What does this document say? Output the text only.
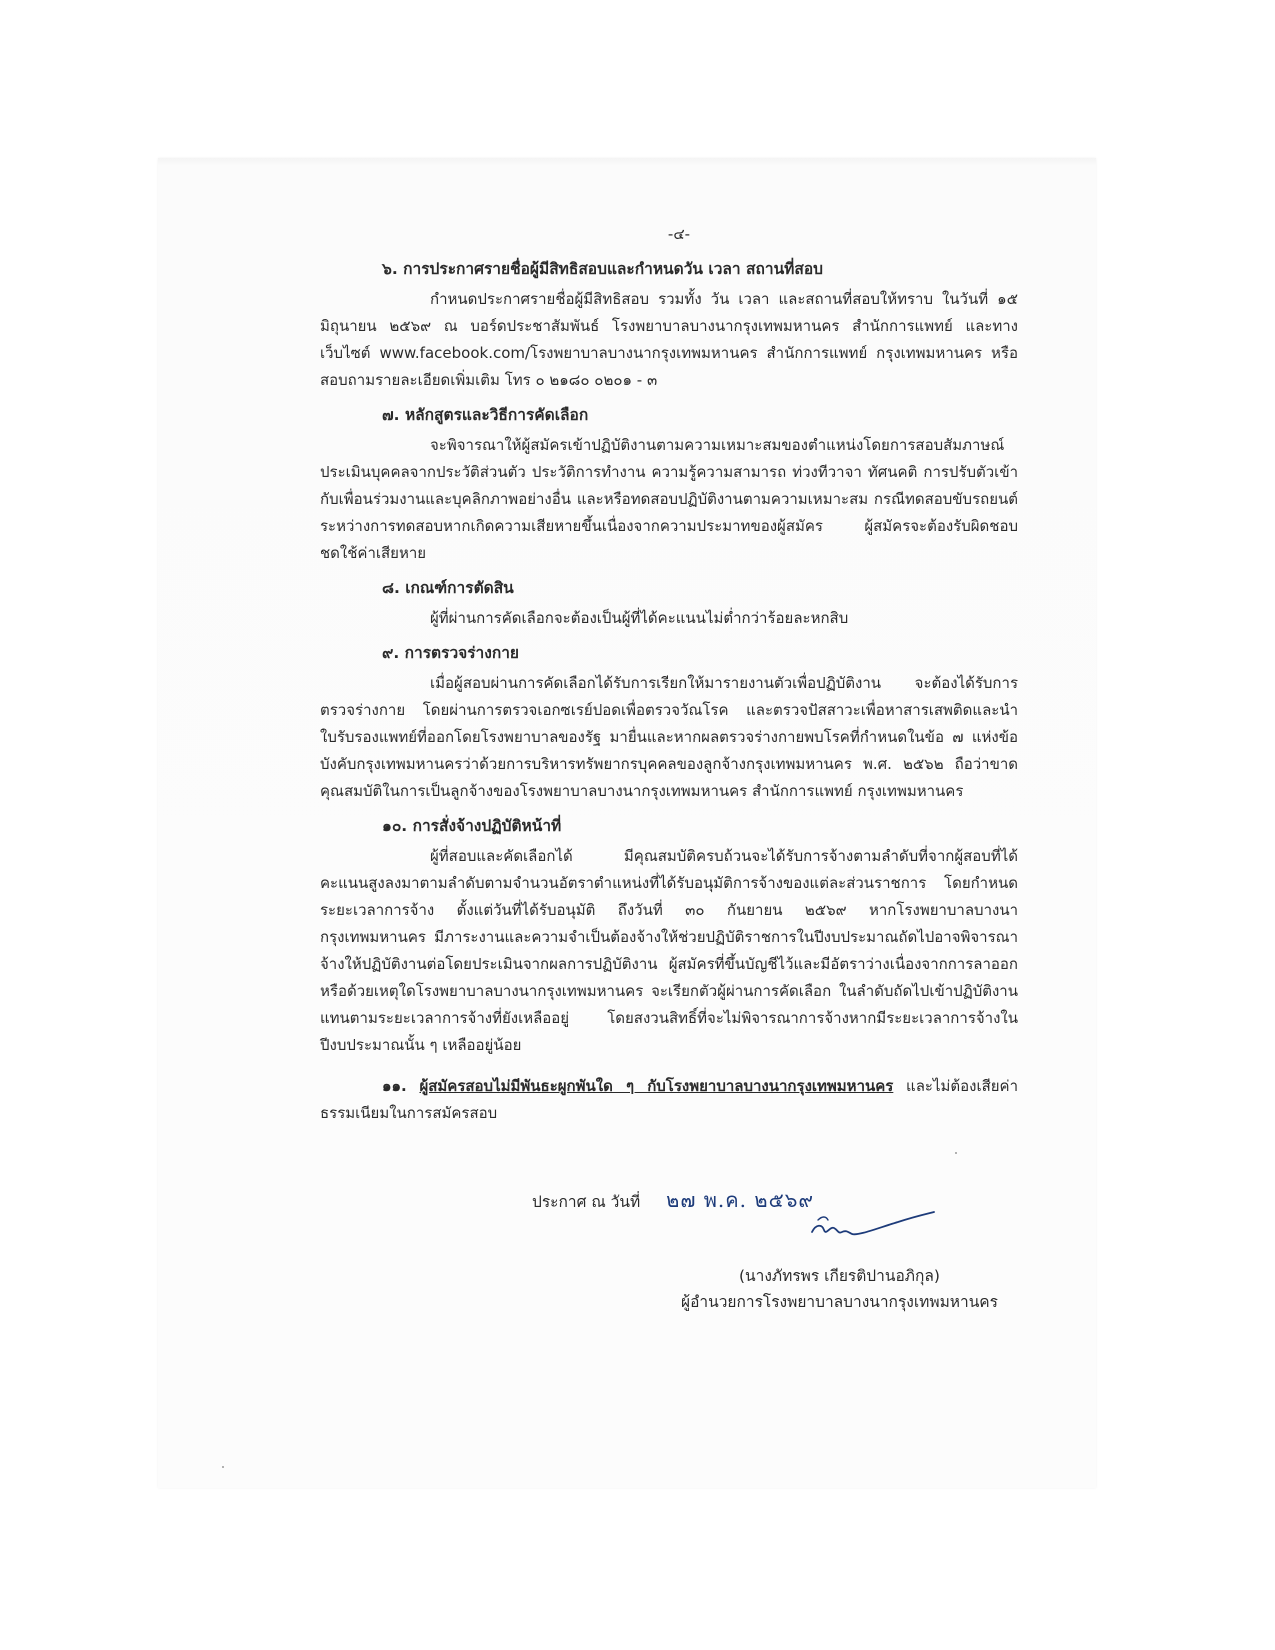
-๔-
๖. การประกาศรายชื่อผู้มีสิทธิสอบและกำหนดวัน เวลา สถานที่สอบ

กำหนดประกาศรายชื่อผู้มีสิทธิสอบ รวมทั้ง วัน เวลา และสถานที่สอบให้ทราบ ในวันที่ ๑๕ มิถุนายน ๒๕๖๙ ณ บอร์ดประชาสัมพันธ์ โรงพยาบาลบางนากรุงเทพมหานคร สำนักการแพทย์ และทางเว็บไซต์ www.facebook.com/โรงพยาบาลบางนากรุงเทพมหานคร สำนักการแพทย์ กรุงเทพมหานคร หรือสอบถามรายละเอียดเพิ่มเติม โทร ๐ ๒๑๘๐ ๐๒๐๑ - ๓

๗. หลักสูตรและวิธีการคัดเลือก

จะพิจารณาให้ผู้สมัครเข้าปฏิบัติงานตามความเหมาะสมของตำแหน่งโดยการสอบสัมภาษณ์ ประเมินบุคคลจากประวัติส่วนตัว ประวัติการทำงาน ความรู้ความสามารถ ท่วงทีวาจา ทัศนคติ การปรับตัวเข้ากับเพื่อนร่วมงานและบุคลิกภาพอย่างอื่น และหรือทดสอบปฏิบัติงานตามความเหมาะสม กรณีทดสอบขับรถยนต์ ระหว่างการทดสอบหากเกิดความเสียหายขึ้นเนื่องจากความประมาทของผู้สมัคร ผู้สมัครจะต้องรับผิดชอบชดใช้ค่าเสียหาย

๘. เกณฑ์การตัดสิน

ผู้ที่ผ่านการคัดเลือกจะต้องเป็นผู้ที่ได้คะแนนไม่ต่ำกว่าร้อยละหกสิบ

๙. การตรวจร่างกาย

เมื่อผู้สอบผ่านการคัดเลือกได้รับการเรียกให้มารายงานตัวเพื่อปฏิบัติงาน จะต้องได้รับการตรวจร่างกาย โดยผ่านการตรวจเอกซเรย์ปอดเพื่อตรวจวัณโรค และตรวจปัสสาวะเพื่อหาสารเสพติดและนำใบรับรองแพทย์ที่ออกโดยโรงพยาบาลของรัฐ มายื่นและหากผลตรวจร่างกายพบโรคที่กำหนดในข้อ ๗ แห่งข้อบังคับกรุงเทพมหานครว่าด้วยการบริหารทรัพยากรบุคคลของลูกจ้างกรุงเทพมหานคร พ.ศ. ๒๕๖๒ ถือว่าขาดคุณสมบัติในการเป็นลูกจ้างของโรงพยาบาลบางนากรุงเทพมหานคร สำนักการแพทย์ กรุงเทพมหานคร

๑๐. การสั่งจ้างปฏิบัติหน้าที่

ผู้ที่สอบและคัดเลือกได้ มีคุณสมบัติครบถ้วนจะได้รับการจ้างตามลำดับที่จากผู้สอบที่ได้คะแนนสูงลงมาตามลำดับตามจำนวนอัตราตำแหน่งที่ได้รับอนุมัติการจ้างของแต่ละส่วนราชการ โดยกำหนดระยะเวลาการจ้าง ตั้งแต่วันที่ได้รับอนุมัติ ถึงวันที่ ๓๐ กันยายน ๒๕๖๙ หากโรงพยาบาลบางนากรุงเทพมหานคร มีภาระงานและความจำเป็นต้องจ้างให้ช่วยปฏิบัติราชการในปีงบประมาณถัดไปอาจพิจารณาจ้างให้ปฏิบัติงานต่อโดยประเมินจากผลการปฏิบัติงาน ผู้สมัครที่ขึ้นบัญชีไว้และมีอัตราว่างเนื่องจากการลาออกหรือด้วยเหตุใดโรงพยาบาลบางนากรุงเทพมหานคร จะเรียกตัวผู้ผ่านการคัดเลือก ในลำดับถัดไปเข้าปฏิบัติงานแทนตามระยะเวลาการจ้างที่ยังเหลืออยู่ โดยสงวนสิทธิ์ที่จะไม่พิจารณาการจ้างหากมีระยะเวลาการจ้างในปีงบประมาณนั้น ๆ เหลืออยู่น้อย

๑๑. ผู้สมัครสอบไม่มีพันธะผูกพันใด ๆ กับโรงพยาบาลบางนากรุงเทพมหานคร และไม่ต้องเสียค่าธรรมเนียมในการสมัครสอบ

ประกาศ ณ วันที่ ๒๗ พ.ค. ๒๕๖๙
(นางภัทรพร เกียรติปานอภิกุล)
ผู้อำนวยการโรงพยาบาลบางนากรุงเทพมหานคร
